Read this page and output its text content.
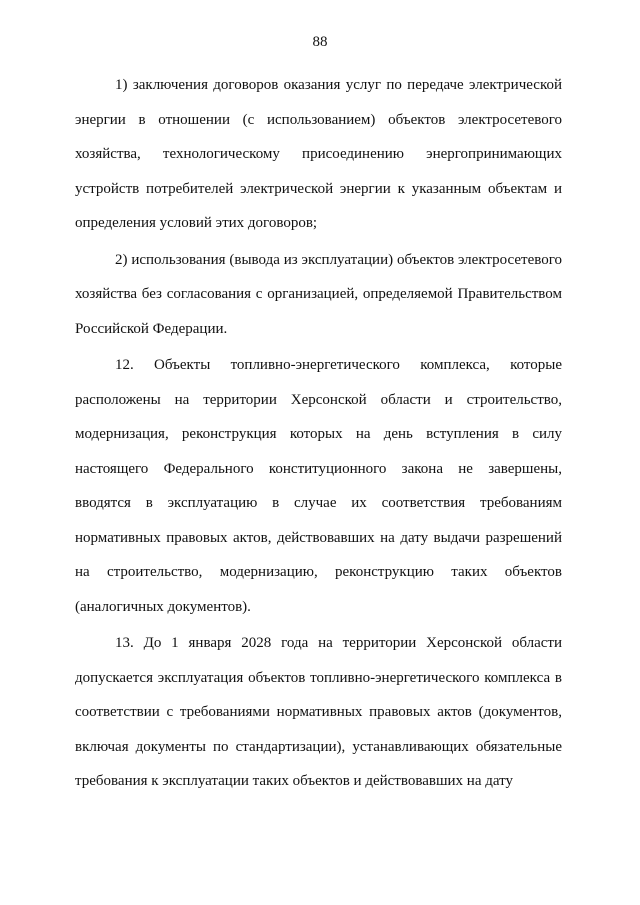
88

1) заключения договоров оказания услуг по передаче электрической энергии в отношении (с использованием) объектов электросетевого хозяйства, технологическому присоединению энергопринимающих устройств потребителей электрической энергии к указанным объектам и определения условий этих договоров;

2) использования (вывода из эксплуатации) объектов электросетевого хозяйства без согласования с организацией, определяемой Правительством Российской Федерации.

12. Объекты топливно-энергетического комплекса, которые расположены на территории Херсонской области и строительство, модернизация, реконструкция которых на день вступления в силу настоящего Федерального конституционного закона не завершены, вводятся в эксплуатацию в случае их соответствия требованиям нормативных правовых актов, действовавших на дату выдачи разрешений на строительство, модернизацию, реконструкцию таких объектов (аналогичных документов).

13. До 1 января 2028 года на территории Херсонской области допускается эксплуатация объектов топливно-энергетического комплекса в соответствии с требованиями нормативных правовых актов (документов, включая документы по стандартизации), устанавливающих обязательные требования к эксплуатации таких объектов и действовавших на дату
